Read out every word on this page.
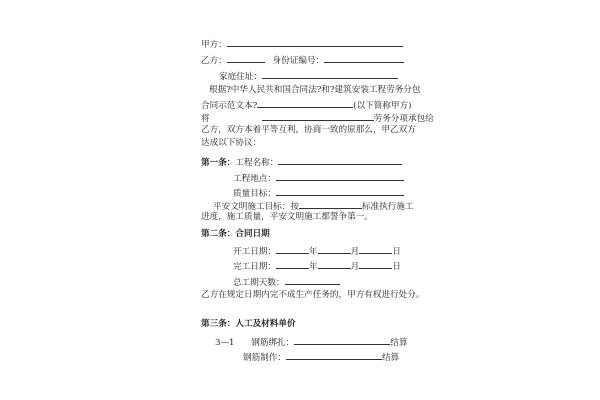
甲方：
乙方：	身份证编号：
家庭住址：
根据?中华人民共和国合同法?和?建筑安装工程劳务分包
合同示范文本?	(以下简称甲方)
将	劳务分项承包给
乙方，双方本着平等互利，协商一致的原那么，甲乙双方
达成以下协议：
第一条：工程名称：
工程地点：
质量目标：
平安文明施工目标：按	标准执行施工
进度，施工质量，平安文明施工都誓争第一。
第二条：合同日期
开工日期：	年	月	日
完工日期：	年	月	日
总工期天数：
乙方在规定日期内完不成生产任务的，甲方有权进行处分。
第三条：人工及材料单价
3—1 钢筋绑扎：	结算
钢筋制作：	结算
